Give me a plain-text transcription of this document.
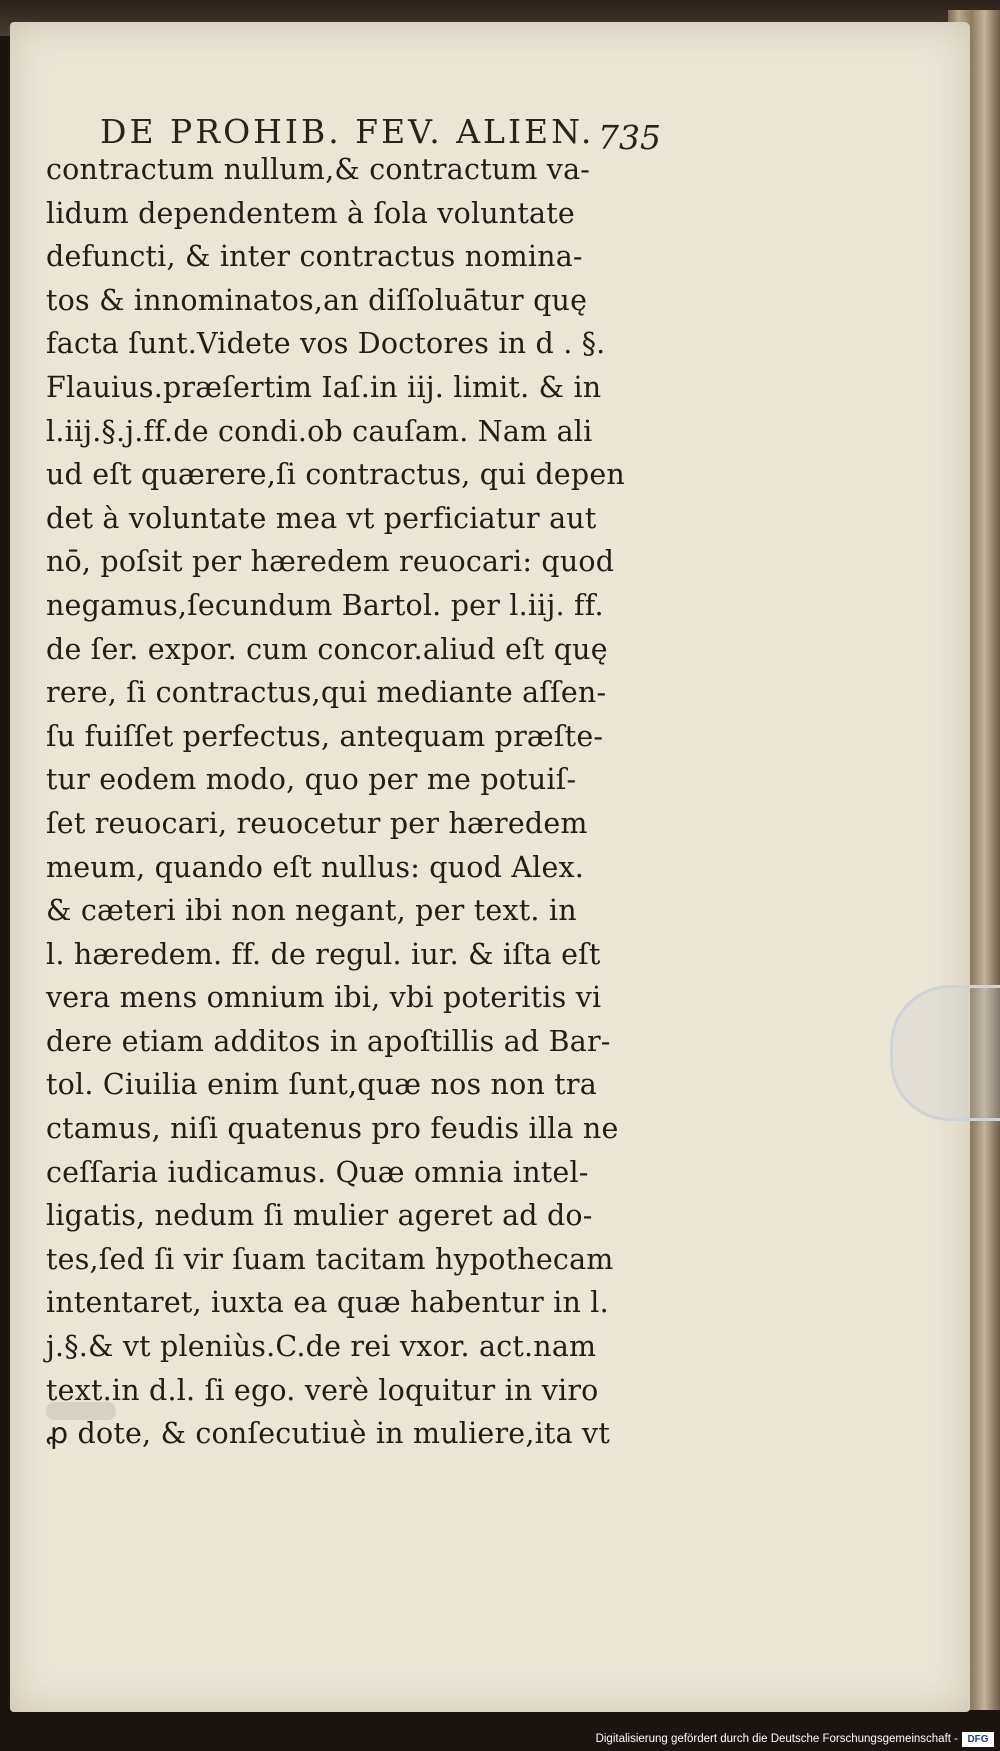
DE PROHIB. FEV. ALIEN. 735
contractum nullum,& contractum va-
lidum dependentem à ſola voluntate
defuncti, & inter contractus nomina-
tos & innominatos,an diſſoluātur quę
facta ſunt.Videte vos Doctores in d . §.
Flauius.præſertim Iaſ.in iij. limit. & in
l.iij.§.j.ff.de condi.ob cauſam. Nam ali
ud eſt quærere,ſi contractus, qui depen
det à voluntate mea vt perficiatur aut
nō, poſsit per hæredem reuocari: quod
negamus,ſecundum Bartol. per l.iij. ff.
de ſer. expor. cum concor.aliud eſt quę
rere, ſi contractus,qui mediante aſſen-
ſu fuiſſet perfectus, antequam præſte-
tur eodem modo, quo per me potuiſ-
ſet reuocari, reuocetur per hæredem
meum, quando eſt nullus: quod Alex.
& cæteri ibi non negant, per text. in
l. hæredem. ff. de regul. iur. & iſta eſt
vera mens omnium ibi, vbi poteritis vi
dere etiam additos in apoſtillis ad Bar-
tol. Ciuilia enim ſunt,quæ nos non tra
ctamus, niſi quatenus pro feudis illa ne
ceſſaria iudicamus. Quæ omnia intel-
ligatis, nedum ſi mulier ageret ad do-
tes,ſed ſi vir ſuam tacitam hypothecam
intentaret, iuxta ea quæ habentur in l.
j.§.& vt pleniùs.C.de rei vxor. act.nam
text.in d.l. ſi ego. verè loquitur in viro
ꝓ dote, & conſecutiuè in muliere,ita vt
Digitalisierung gefördert durch die Deutsche Forschungsgemeinschaft - DFG
